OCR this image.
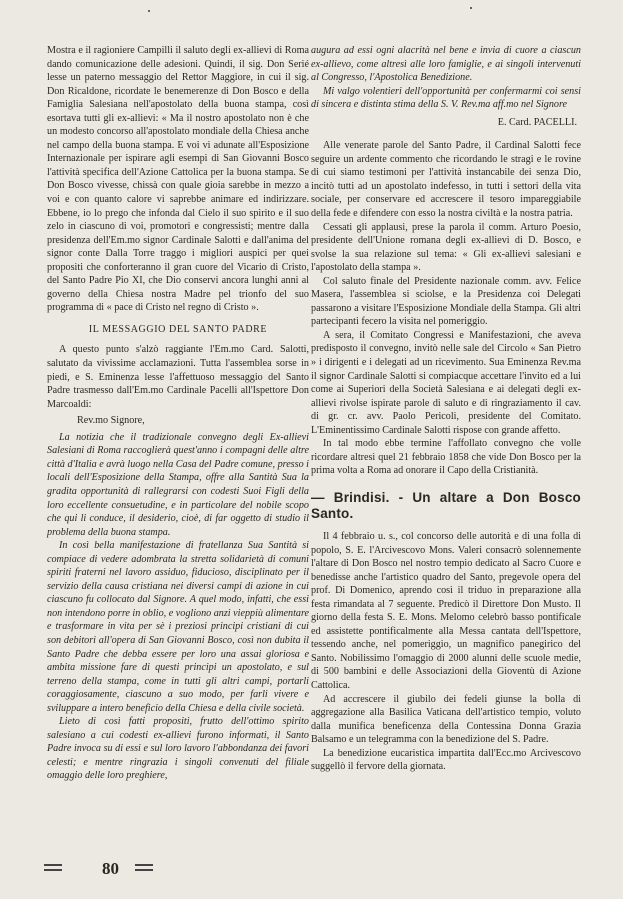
Mostra e il ragioniere Campilli il saluto degli ex-allievi di Roma dando comunicazione delle adesioni. Quindi, il sig. Don Serié lesse un paterno messaggio del Rettor Maggiore, in cui il sig. Don Ricaldone, ricordate le benemerenze di Don Bosco e della Famiglia Salesiana nell'apostolato della buona stampa, così esortava tutti gli ex-allievi: « Ma il nostro apostolato non è che un modesto concorso all'apostolato mondiale della Chiesa anche nel campo della buona stampa. E voi vi adunate all'Esposizione Internazionale per ispirare agli esempi di San Giovanni Bosco l'attività specifica dell'Azione Cattolica per la buona stampa. Se Don Bosco vivesse, chissà con quale gioia sarebbe in mezzo a voi e con quanto calore vi saprebbe animare ed indirizzare. Ebbene, io lo prego che infonda dal Cielo il suo spirito e il suo zelo in ciascuno di voi, promotori e congressisti; mentre dalla presidenza dell'Em.mo signor Cardinale Salotti e dall'anima del signor conte Dalla Torre traggo i migliori auspici per quei propositi che conforteranno il gran cuore del Vicario di Cristo, del Santo Padre Pio XI, che Dio conservi ancora lunghi anni al governo della Chiesa nostra Madre pel trionfo del suo programma di « pace di Cristo nel regno di Cristo ».

IL MESSAGGIO DEL SANTO PADRE

A questo punto s'alzò raggiante l'Em.mo Card. Salotti, salutato da vivissime acclamazioni. Tutta l'assemblea sorse in piedi, e S. Eminenza lesse l'affettuoso messaggio del Santo Padre trasmesso dall'Em.mo Cardinale Pacelli all'Ispettore Don Marcoaldi:

Rev.mo Signore,

La notizia che il tradizionale convegno degli Ex-allievi Salesiani di Roma raccoglierà quest'anno i compagni delle altre città d'Italia e avrà luogo nella Casa del Padre comune, presso i locali dell'Esposizione della Stampa, offre alla Santità Sua la gradita opportunità di rallegrarsi con codesti Suoi Figli della loro eccellente consuetudine, e in particolare del nobile scopo che qui li conduce, il desiderio, cioè, di far oggetto di studio il problema della buona stampa.

In così bella manifestazione di fratellanza Sua Santità si compiace di vedere adombrata la stretta solidarietà di comuni spiriti fraterni nel lavoro assiduo, fiducioso, disciplinato per il servizio della causa cristiana nei diversi campi di azione in cui ciascuno fu collocato dal Signore. A quel modo, infatti, che essi non intendono porre in oblio, e vogliono anzi vieppiù alimentare e trasformare in vita per sè i preziosi principi cristiani di cui son debitori all'opera di San Giovanni Bosco, così non dubita il Santo Padre che debba essere per loro una assai gloriosa e ambita missione fare di questi principi un apostolato, e sul terreno della stampa, come in tutti gli altri campi, portarli coraggiosamente, ciascuno a suo modo, per farli vivere e sviluppare a intero beneficio della Chiesa e della civile società.

Lieto di così fatti propositi, frutto dell'ottimo spirito salesiano a cui codesti ex-allievi furono informati, il Santo Padre invoca su di essi e sul loro lavoro l'abbondanza dei favori celesti; e mentre ringrazia i singoli convenuti del filiale omaggio delle loro preghiere,

augura ad essi ogni alacrità nel bene e invia di cuore a ciascun ex-allievo, come altresì alle loro famiglie, e ai singoli intervenuti al Congresso, l'Apostolica Benedizione.

Mi valgo volentieri dell'opportunità per confermarmi coi sensi di sincera e distinta stima della S. V. Rev.ma aff.mo nel Signore

E. Card. PACELLI.

Alle venerate parole del Santo Padre, il Cardinal Salotti fece seguire un ardente commento che ricordando le stragi e le rovine di cui siamo testimoni per l'attività instancabile dei senza Dio, incitò tutti ad un apostolato indefesso, in tutti i settori della vita sociale, per conservare ed accrescere il tesoro impareggiabile della fede e difendere con esso la nostra civiltà e la nostra patria.

Cessati gli applausi, prese la parola il comm. Arturo Poesio, presidente dell'Unione romana degli ex-allievi di D. Bosco, e svolse la sua relazione sul tema: « Gli ex-allievi salesiani e l'apostolato della stampa ».

Col saluto finale del Presidente nazionale comm. avv. Felice Masera, l'assemblea si sciolse, e la Presidenza coi Delegati passarono a visitare l'Esposizione Mondiale della Stampa. Gli altri partecipanti fecero la visita nel pomeriggio.

A sera, il Comitato Congressi e Manifestazioni, che aveva predisposto il convegno, invitò nelle sale del Circolo « San Pietro » i dirigenti e i delegati ad un ricevimento. Sua Eminenza Rev.ma il signor Cardinale Salotti si compiacque accettare l'invito ed a lui come ai Superiori della Società Salesiana e ai delegati degli ex-allievi rivolse ispirate parole di saluto e di ringraziamento il cav. di gr. cr. avv. Paolo Pericoli, presidente del Comitato. L'Eminentissimo Cardinale Salotti rispose con grande affetto.

In tal modo ebbe termine l'affollato convegno che volle ricordare altresì quel 21 febbraio 1858 che vide Don Bosco per la prima volta a Roma ad onorare il Capo della Cristianità.

— Brindisi. - Un altare a Don Bosco Santo.

Il 4 febbraio u. s., col concorso delle autorità e di una folla di popolo, S. E. l'Arcivescovo Mons. Valeri consacrò solennemente l'altare di Don Bosco nel nostro tempio dedicato al Sacro Cuore e benedisse anche l'artistico quadro del Santo, pregevole opera del prof. Di Domenico, aprendo così il triduo in preparazione alla festa rimandata al 7 seguente. Predicò il Direttore Don Musto. Il giorno della festa S. E. Mons. Melomo celebrò basso pontificale ed assistette pontificalmente alla Messa cantata dell'Ispettore, tessendo anche, nel pomeriggio, un magnifico panegirico del Santo. Nobilissimo l'omaggio di 2000 alunni delle scuole medie, di 500 bambini e delle Associazioni della Gioventù di Azione Cattolica.

Ad accrescere il giubilo dei fedeli giunse la bolla di aggregazione alla Basilica Vaticana dell'artistico tempio, voluto dalla munifica beneficenza della Contessina Donna Grazia Balsamo e un telegramma con la benedizione del S. Padre.

La benedizione eucaristica impartita dall'Ecc.mo Arcivescovo suggellò il fervore della giornata.

80
